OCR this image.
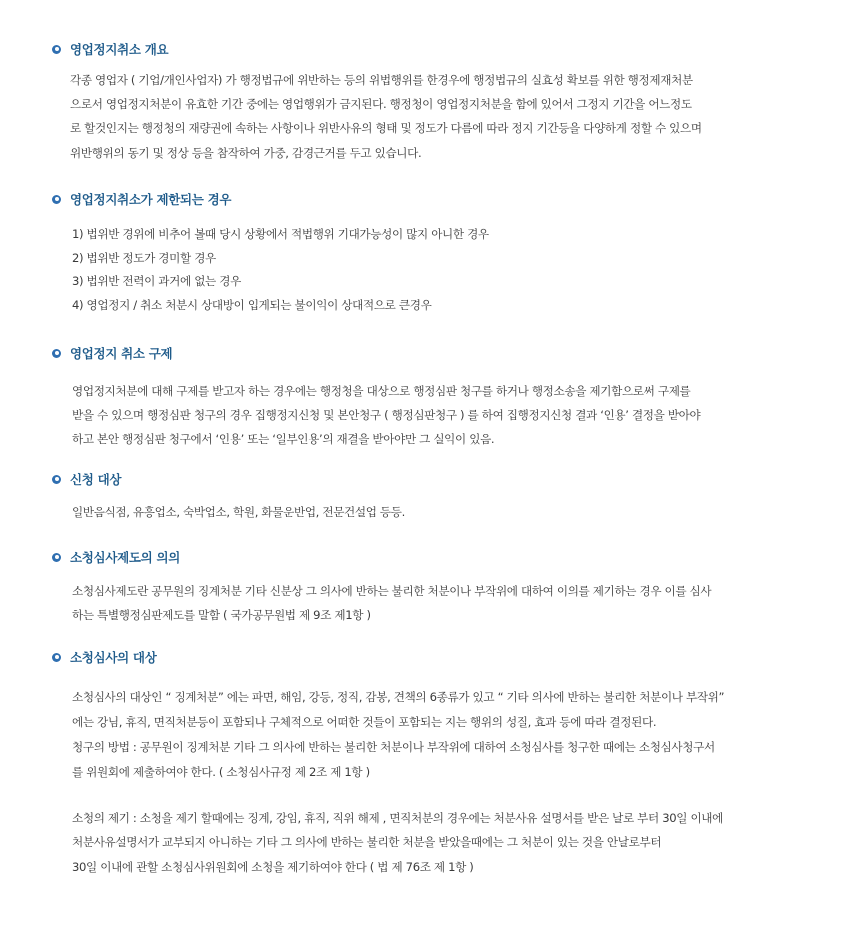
영업정지취소 개요
각종 영업자 ( 기업/개인사업자) 가 행정법규에 위반하는 등의 위법행위를 한경우에 행정법규의 실효성 확보를 위한 행정제재처분
으로서 영업정지처분이 유효한 기간 중에는 영업행위가 금지된다. 행정청이 영업정지처분을 함에 있어서 그정지 기간을 어느정도
로 할것인지는 행정청의 재량권에 속하는 사항이나 위반사유의 형태 및 정도가 다름에 따라 정지 기간등을 다양하게 정할 수 있으며
위반행위의 동기 및 정상 등을 참작하여 가중, 감경근거를 두고 있습니다.
영업정지취소가 제한되는 경우
1) 법위반 경위에 비추어 볼때 당시 상황에서 적법행위 기대가능성이 많지 아니한 경우
2) 법위반 정도가 경미할 경우
3) 법위반 전력이 과거에 없는 경우
4) 영업정지 / 취소 처분시 상대방이 입게되는 불이익이 상대적으로 큰경우
영업정지 취소 구제
영업정지처분에 대해 구제를 받고자 하는 경우에는 행정청을 대상으로 행정심판 청구를 하거나 행정소송을 제기함으로써 구제를
받을 수 있으며 행정심판 청구의 경우 집행정지신청 및 본안청구 ( 행정심판청구 ) 를 하여 집행정지신청 결과 ‘인용’ 결정을 받아야
하고 본안 행정심판 청구에서 ‘인용’ 또는 ‘일부인용’의 재결을 받아야만 그 실익이 있음.
신청 대상
일반음식점, 유흥업소, 숙박업소, 학원, 화물운반업, 전문건설업 등등.
소청심사제도의 의의
소청심사제도란 공무원의 징계처분 기타 신분상 그 의사에 반하는 불리한 처분이나 부작위에 대하여 이의를 제기하는 경우 이를 심사
하는 특별행정심판제도를 말함 ( 국가공무원법 제 9조 제1항 )
소청심사의 대상
소청심사의 대상인 “ 징계처분” 에는 파면, 해임, 강등, 정직, 감봉, 견책의 6종류가 있고 “ 기타 의사에 반하는 불리한 처분이나 부작위”
에는 강님, 휴직, 면직처분등이 포함되나 구체적으로 어떠한 것들이 포함되는 지는 행위의 성질, 효과 등에 따라 결정된다.
청구의 방법 : 공무원이 징계처분 기타 그 의사에 반하는 불리한 처분이나 부작위에 대하여 소청심사를 청구한 때에는 소청심사청구서
를 위원회에 제출하여야 한다. ( 소청심사규정 제 2조 제 1항 )
소청의 제기 : 소청을 제기 할때에는 징계, 강임, 휴직, 직위 해제 , 면직처분의 경우에는 처분사유 설명서를 받은 날로 부터 30일 이내에
처분사유설명서가 교부되지 아니하는 기타 그 의사에 반하는 불리한 처분을 받았을때에는 그 처분이 있는 것을 안날로부터
30일 이내에 관할 소청심사위원회에 소청을 제기하여야 한다 ( 법 제 76조 제 1항 )
